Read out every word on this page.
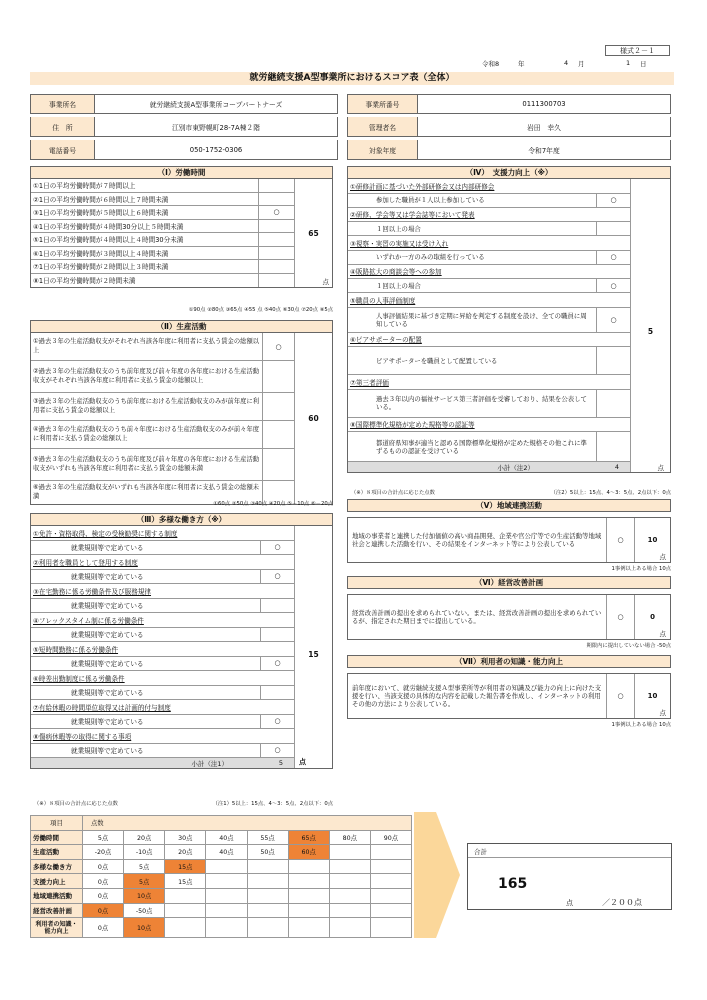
様式２－１
令和8	年	4	月	1	日
就労継続支援A型事業所におけるスコア表（全体）
事業所名	就労継続支援A型事業所コープパートナーズ
住　所	江別市東野幌町28-7A棟２階
電話番号	050-1752-0306
事業所番号	0111300703
管理者名	岩田　幸久
対象年度	令和7年度
（Ⅰ）労働時間
①1日の平均労働時間が７時間以上
②1日の平均労働時間が６時間以上７時間未満
③1日の平均労働時間が５時間以上６時間未満	○
④1日の平均労働時間が４時間30分以上５時間未満
⑤1日の平均労働時間が４時間以上４時間30分未満
⑥1日の平均労働時間が３時間以上４時間未満
⑦1日の平均労働時間が２時間以上３時間未満
⑧1日の平均労働時間が２時間未満
65
点
①90点 ②80点 ③65点 ④55 点 ⑤40点 ⑥30点 ⑦20点 ⑧5点
（Ⅱ）生産活動
①過去３年の生産活動収支がそれぞれ当該各年度に利用者に支払う賃金の総額以上	○
②過去３年の生産活動収支のうち前年度及び前々年度の各年度における生産活動収支がそれぞれ当該各年度に利用者に支払う賃金の総額以上
③過去３年の生産活動収支のうち前年度における生産活動収支のみが前年度に利用者に支払う賃金の総額以上
④過去３年の生産活動収支のうち前々年度における生産活動収支のみが前々年度に利用者に支払う賃金の総額以上
⑤過去３年の生産活動収支のうち前年度及び前々年度の各年度における生産活動収支がいずれも当該各年度に利用者に支払う賃金の総額未満
⑥過去３年の生産活動収支がいずれも当該各年度に利用者に支払う賃金の総額未満
60
①60点 ②50点 ③40点 ④20点 ⑤－10点 ⑥－20点
（Ⅲ）多様な働き方（※）
①免許・資格取得、検定の受検勧奨に関する制度
就業規則等で定めている	○
②利用者を職員として登用する制度
就業規則等で定めている	○
③在宅勤務に係る労働条件及び服務規律
就業規則等で定めている
④フレックスタイム制に係る労働条件
就業規則等で定めている
⑤短時間勤務に係る労働条件
就業規則等で定めている	○
⑥時差出勤制度に係る労働条件
就業規則等で定めている
⑦有給休暇の時間単位取得又は計画的付与制度
就業規則等で定めている	○
⑧傷病休暇等の取得に関する事項
就業規則等で定めている	○
小計（注1）	5
15
点
（※）８項目の合計点に応じた点数	（注1）5以上：15点、4～3：5点、2点以下：0点
（Ⅳ）　支援力向上（※）
①研修計画に基づいた外部研修会又は内部研修会
参加した職員が１人以上参加している	○
②研修、学会等又は学会誌等において発表
１回以上の場合
③視察・実習の実施又は受け入れ
いずれか一方のみの取組を行っている	○
④販路拡大の商談会等への参加
１回以上の場合	○
⑤職員の人事評価制度
人事評価結果に基づき定期に昇給を判定する制度を設け、全ての職員に周知している	○
⑥ピアサポーターの配置
ピアサポーターを職員として配置している
⑦第三者評価
過去３年以内の福祉サービス第三者評価を受審しており、結果を公表している。
⑧国際標準化規格が定めた規格等の認証等
都道府県知事が適当と認める国際標準化規格が定めた規格その他これに準ずるものの認証を受けている
小計（注2）	4
5
点
（※）８項目の合計点に応じた点数	（注2）5以上：15点、4～3：5点、2点以下：0点
（Ⅴ）地域連携活動
地域の事業者と連携した付加価値の高い商品開発、企業や官公庁等での生産活動等地域社会と連携した活動を行い、その結果をインターネット等により公表している	○	10
点
1事例以上ある場合 10点
（Ⅵ）経営改善計画
経営改善計画の提出を求められていない。または、経営改善計画の提出を求められているが、指定された期日までに提出している。	○	0
点
期限内に提出していない場合 -50点
（Ⅶ）利用者の知識・能力向上
前年度において、就労継続支援Ａ型事業所等が利用者の知識及び能力の向上に向けた支援を行い、当該支援の具体的な内容を記載した報告書を作成し、インターネットの利用その他の方法により公表している。
○	10
点
1事例以上ある場合 10点
項目	点数							
労働時間	5点	20点	30点	40点	55点	65点	80点	90点
生産活動	-20点	-10点	20点	40点	50点	60点		
多様な働き方	0点	5点	15点					
支援力向上	0点	5点	15点					
地域連携活動	0点	10点						
経営改善計画	0点	-50点						
利用者の知識・能力向上	0点	10点						
合計
165
点	／２００点
